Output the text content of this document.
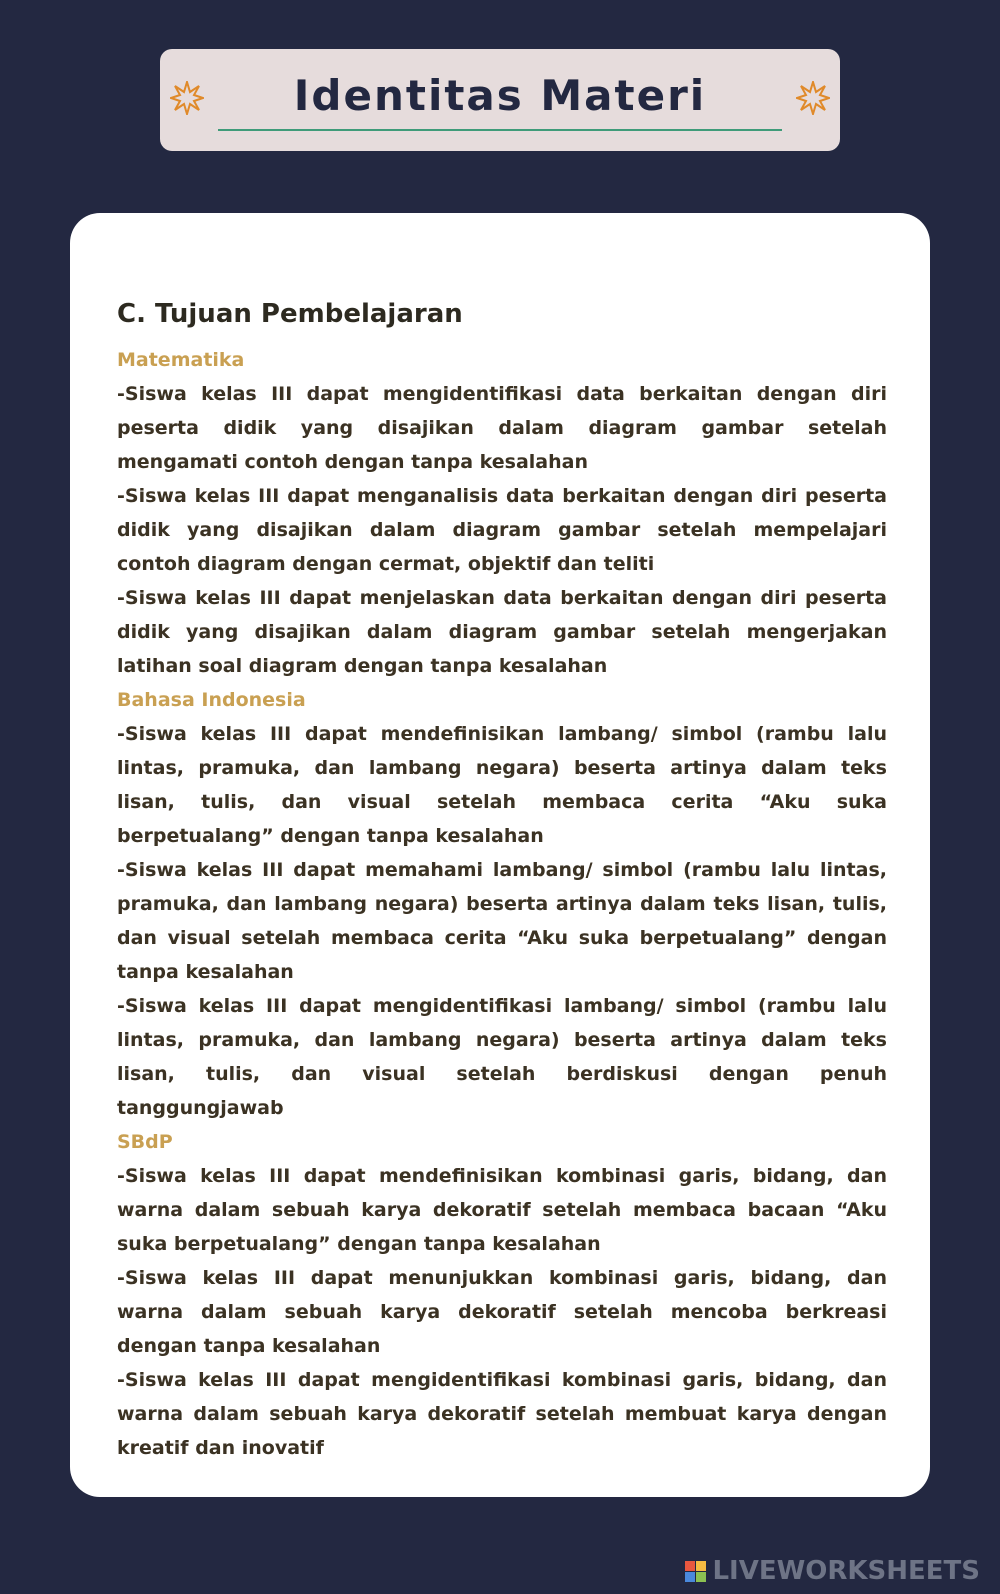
Identitas Materi
C. Tujuan Pembelajaran
Matematika
-Siswa kelas III dapat mengidentifikasi data berkaitan dengan diri peserta didik yang disajikan dalam diagram gambar setelah mengamati contoh dengan tanpa kesalahan
-Siswa kelas III dapat menganalisis data berkaitan dengan diri peserta didik yang disajikan dalam diagram gambar setelah mempelajari contoh diagram dengan cermat, objektif dan teliti
-Siswa kelas III dapat menjelaskan data berkaitan dengan diri peserta didik yang disajikan dalam diagram gambar setelah mengerjakan latihan soal diagram dengan tanpa kesalahan
Bahasa Indonesia
-Siswa kelas III dapat mendefinisikan lambang/ simbol (rambu lalu lintas, pramuka, dan lambang negara) beserta artinya dalam teks lisan, tulis, dan visual setelah membaca cerita “Aku suka berpetualang” dengan tanpa kesalahan
-Siswa kelas III dapat memahami lambang/ simbol (rambu lalu lintas, pramuka, dan lambang negara) beserta artinya dalam teks lisan, tulis, dan visual setelah membaca cerita “Aku suka berpetualang” dengan tanpa kesalahan
-Siswa kelas III dapat mengidentifikasi lambang/ simbol (rambu lalu lintas, pramuka, dan lambang negara) beserta artinya dalam teks lisan, tulis, dan visual setelah berdiskusi dengan penuh tanggungjawab
SBdP
-Siswa kelas III dapat mendefinisikan kombinasi garis, bidang, dan warna dalam sebuah karya dekoratif setelah membaca bacaan “Aku suka berpetualang” dengan tanpa kesalahan
-Siswa kelas III dapat menunjukkan kombinasi garis, bidang, dan warna dalam sebuah karya dekoratif setelah mencoba berkreasi dengan tanpa kesalahan
-Siswa kelas III dapat mengidentifikasi kombinasi garis, bidang, dan warna dalam sebuah karya dekoratif setelah membuat karya dengan kreatif dan inovatif
LIVEWORKSHEETS
